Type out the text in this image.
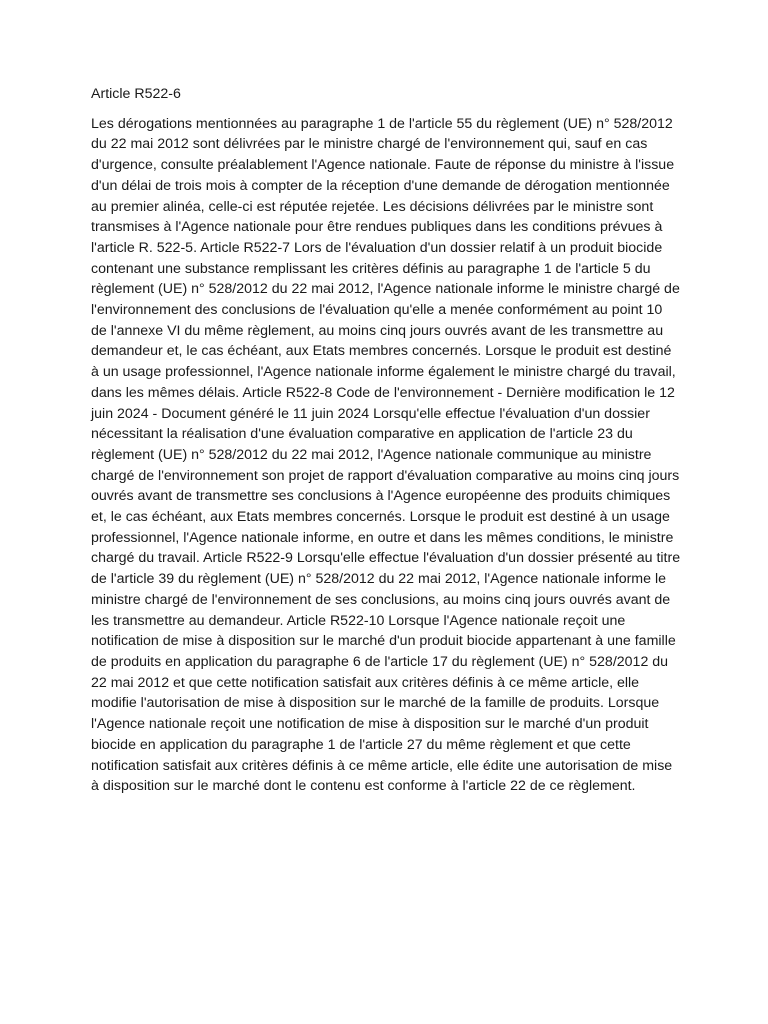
Article R522-6

Les dérogations mentionnées au paragraphe 1 de l'article 55 du règlement (UE) n° 528/2012 du 22 mai 2012 sont délivrées par le ministre chargé de l'environnement qui, sauf en cas d'urgence, consulte préalablement l'Agence nationale. Faute de réponse du ministre à l'issue d'un délai de trois mois à compter de la réception d'une demande de dérogation mentionnée au premier alinéa, celle-ci est réputée rejetée. Les décisions délivrées par le ministre sont transmises à l'Agence nationale pour être rendues publiques dans les conditions prévues à l'article R. 522-5. Article R522-7 Lors de l'évaluation d'un dossier relatif à un produit biocide contenant une substance remplissant les critères définis au paragraphe 1 de l'article 5 du règlement (UE) n° 528/2012 du 22 mai 2012, l'Agence nationale informe le ministre chargé de l'environnement des conclusions de l'évaluation qu'elle a menée conformément au point 10 de l'annexe VI du même règlement, au moins cinq jours ouvrés avant de les transmettre au demandeur et, le cas échéant, aux Etats membres concernés. Lorsque le produit est destiné à un usage professionnel, l'Agence nationale informe également le ministre chargé du travail, dans les mêmes délais. Article R522-8 Code de l'environnement - Dernière modification le 12 juin 2024 - Document généré le 11 juin 2024 Lorsqu'elle effectue l'évaluation d'un dossier nécessitant la réalisation d'une évaluation comparative en application de l'article 23 du règlement (UE) n° 528/2012 du 22 mai 2012, l'Agence nationale communique au ministre chargé de l'environnement son projet de rapport d'évaluation comparative au moins cinq jours ouvrés avant de transmettre ses conclusions à l'Agence européenne des produits chimiques et, le cas échéant, aux Etats membres concernés. Lorsque le produit est destiné à un usage professionnel, l'Agence nationale informe, en outre et dans les mêmes conditions, le ministre chargé du travail. Article R522-9 Lorsqu'elle effectue l'évaluation d'un dossier présenté au titre de l'article 39 du règlement (UE) n° 528/2012 du 22 mai 2012, l'Agence nationale informe le ministre chargé de l'environnement de ses conclusions, au moins cinq jours ouvrés avant de les transmettre au demandeur. Article R522-10 Lorsque l'Agence nationale reçoit une notification de mise à disposition sur le marché d'un produit biocide appartenant à une famille de produits en application du paragraphe 6 de l'article 17 du règlement (UE) n° 528/2012 du 22 mai 2012 et que cette notification satisfait aux critères définis à ce même article, elle modifie l'autorisation de mise à disposition sur le marché de la famille de produits. Lorsque l'Agence nationale reçoit une notification de mise à disposition sur le marché d'un produit biocide en application du paragraphe 1 de l'article 27 du même règlement et que cette notification satisfait aux critères définis à ce même article, elle édite une autorisation de mise à disposition sur le marché dont le contenu est conforme à l'article 22 de ce règlement.
